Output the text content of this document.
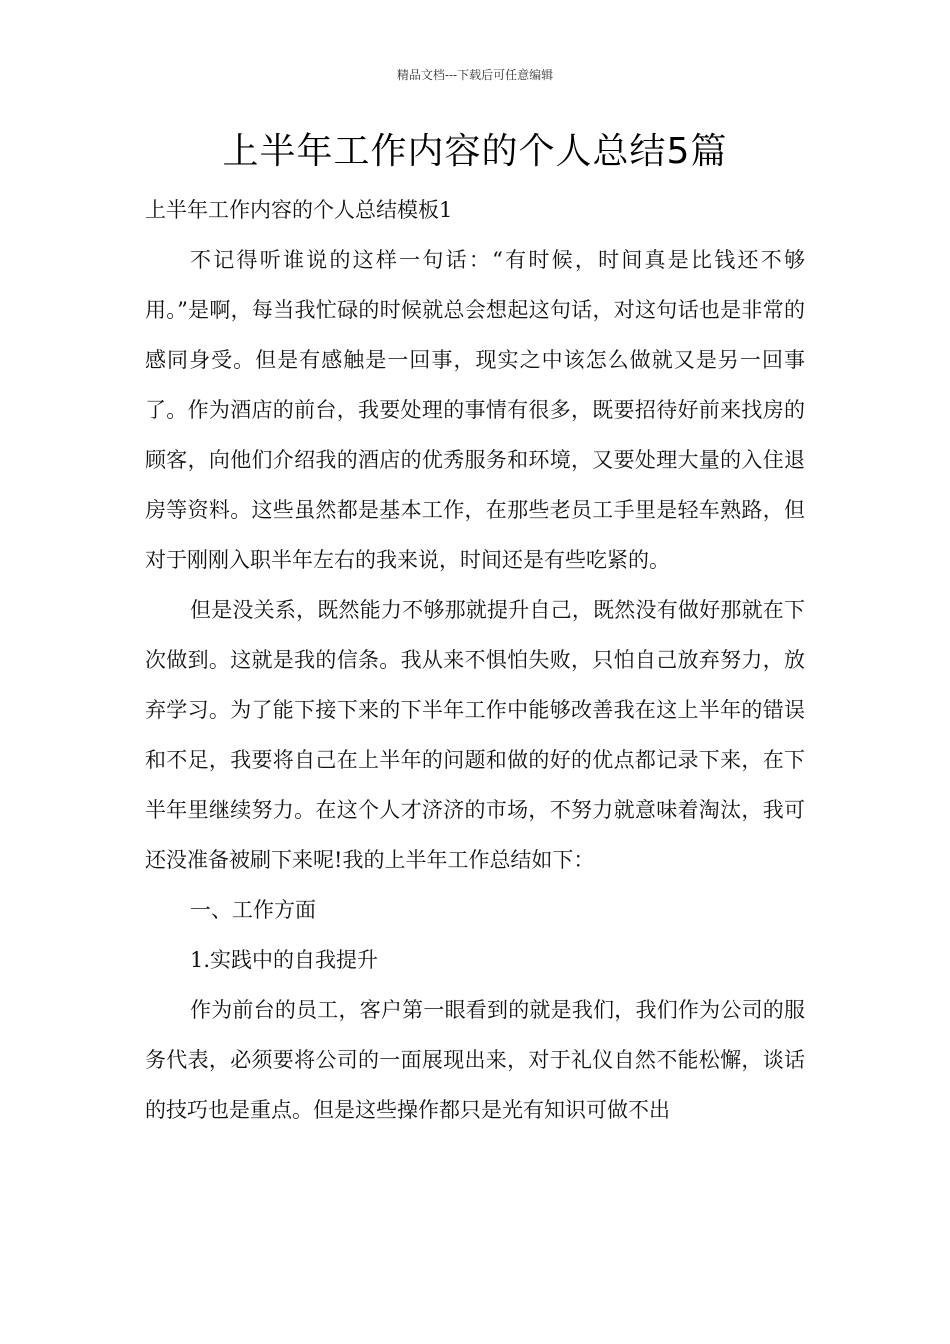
精品文档---下载后可任意编辑
上半年工作内容的个人总结5篇

上半年工作内容的个人总结模板1

不记得听谁说的这样一句话：“有时候，时间真是比钱还不够用。”是啊，每当我忙碌的时候就总会想起这句话，对这句话也是非常的感同身受。但是有感触是一回事，现实之中该怎么做就又是另一回事了。作为酒店的前台，我要处理的事情有很多，既要招待好前来找房的顾客，向他们介绍我的酒店的优秀服务和环境，又要处理大量的入住退房等资料。这些虽然都是基本工作，在那些老员工手里是轻车熟路，但对于刚刚入职半年左右的我来说，时间还是有些吃紧的。

但是没关系，既然能力不够那就提升自己，既然没有做好那就在下次做到。这就是我的信条。我从来不惧怕失败，只怕自己放弃努力，放弃学习。为了能下接下来的下半年工作中能够改善我在这上半年的错误和不足，我要将自己在上半年的问题和做的好的优点都记录下来，在下半年里继续努力。在这个人才济济的市场，不努力就意味着淘汰，我可还没准备被刷下来呢!我的上半年工作总结如下：

一、工作方面

1.实践中的自我提升

作为前台的员工，客户第一眼看到的就是我们，我们作为公司的服务代表，必须要将公司的一面展现出来，对于礼仪自然不能松懈，谈话的技巧也是重点。但是这些操作都只是光有知识可做不出
